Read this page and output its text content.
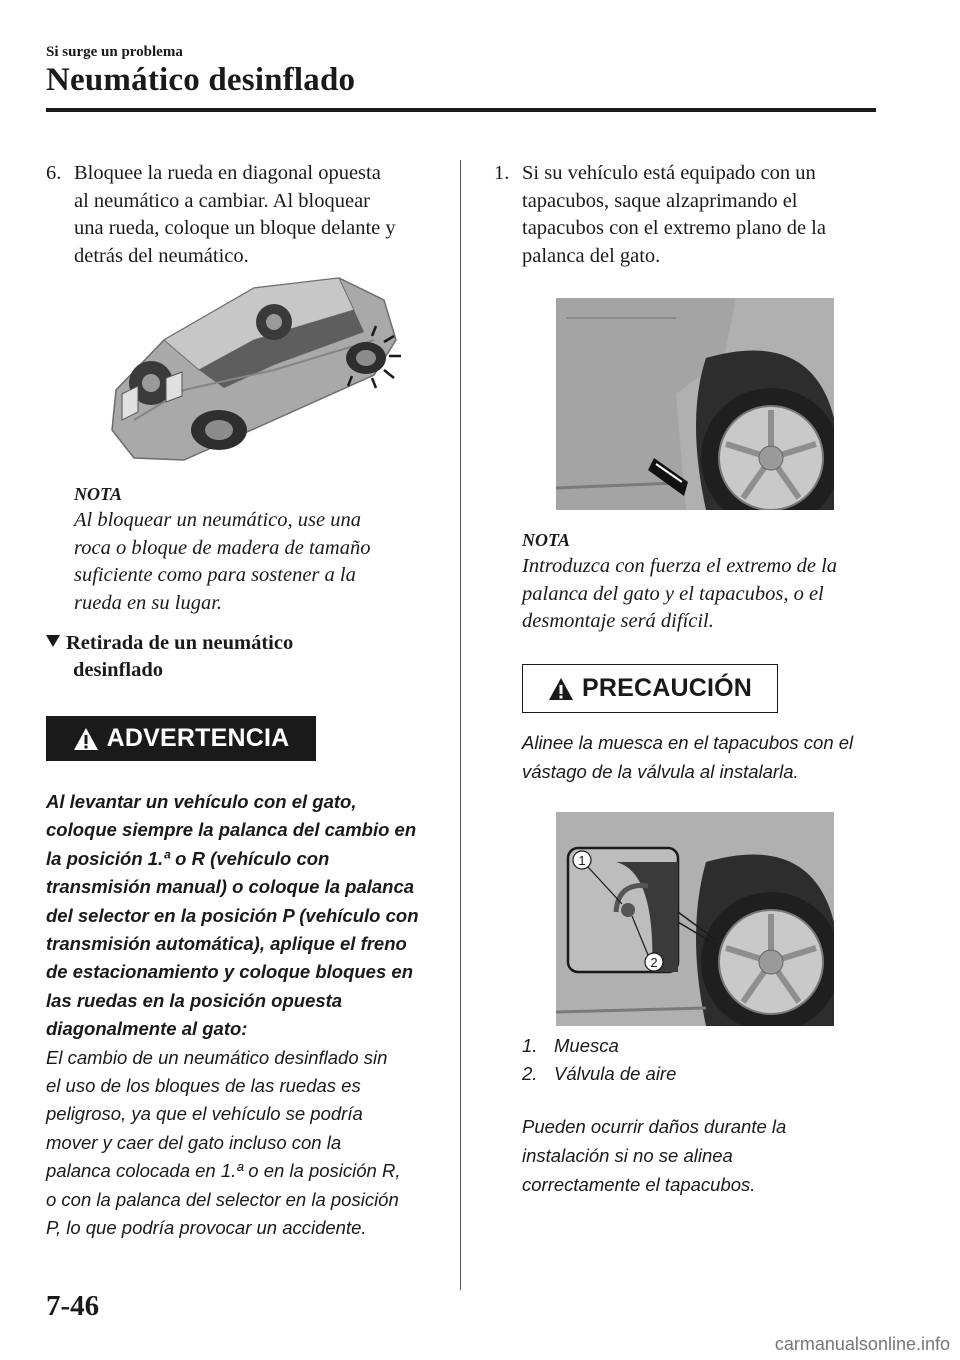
Si surge un problema
Neumático desinflado
6. Bloquee la rueda en diagonal opuesta
al neumático a cambiar. Al bloquear
una rueda, coloque un bloque delante y
detrás del neumático.
NOTA
Al bloquear un neumático, use una
roca o bloque de madera de tamaño
suficiente como para sostener a la
rueda en su lugar.
Retirada de un neumático
desinflado
ADVERTENCIA
Al levantar un vehículo con el gato,
coloque siempre la palanca del cambio en
la posición 1.ª o R (vehículo con
transmisión manual) o coloque la palanca
del selector en la posición P (vehículo con
transmisión automática), aplique el freno
de estacionamiento y coloque bloques en
las ruedas en la posición opuesta
diagonalmente al gato:
El cambio de un neumático desinflado sin
el uso de los bloques de las ruedas es
peligroso, ya que el vehículo se podría
mover y caer del gato incluso con la
palanca colocada en 1.ª o en la posición R,
o con la palanca del selector en la posición
P, lo que podría provocar un accidente.
1. Si su vehículo está equipado con un
tapacubos, saque alzaprimando el
tapacubos con el extremo plano de la
palanca del gato.
NOTA
Introduzca con fuerza el extremo de la
palanca del gato y el tapacubos, o el
desmontaje será difícil.
PRECAUCIÓN
Alinee la muesca en el tapacubos con el
vástago de la válvula al instalarla.
1
2
1. Muesca
2. Válvula de aire
Pueden ocurrir daños durante la
instalación si no se alinea
correctamente el tapacubos.
7-46
carmanualsonline.info
